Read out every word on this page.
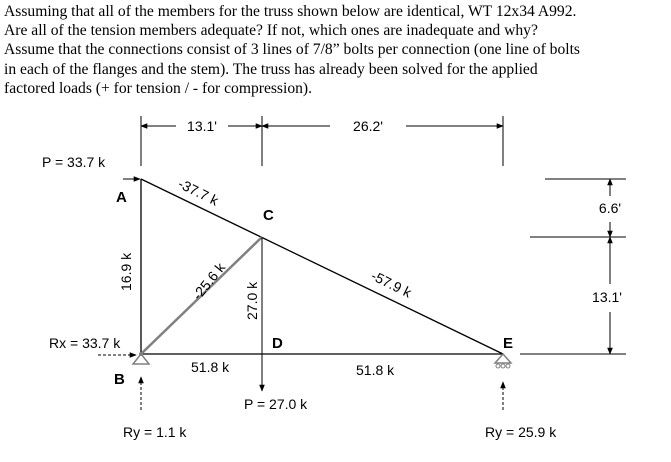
Assuming that all of the members for the truss shown below are identical, WT 12x34 A992.
Are all of the tension members adequate? If not, which ones are inadequate and why?
Assume that the connections consist of 3 lines of 7/8” bolts per connection (one line of bolts
in each of the flanges and the stem). The truss has already been solved for the applied
factored loads (+ for tension / - for compression).
13.1'	26.2'
6.6'
13.1'
A
B
C
D	E
-37.7 k
-57.9 k
-25.6 k
16.9 k
27.0 k
51.8 k	51.8 k
P = 33.7 k
P = 27.0 k
Rx = 33.7 k
Ry = 1.1 k	Ry = 25.9 k
